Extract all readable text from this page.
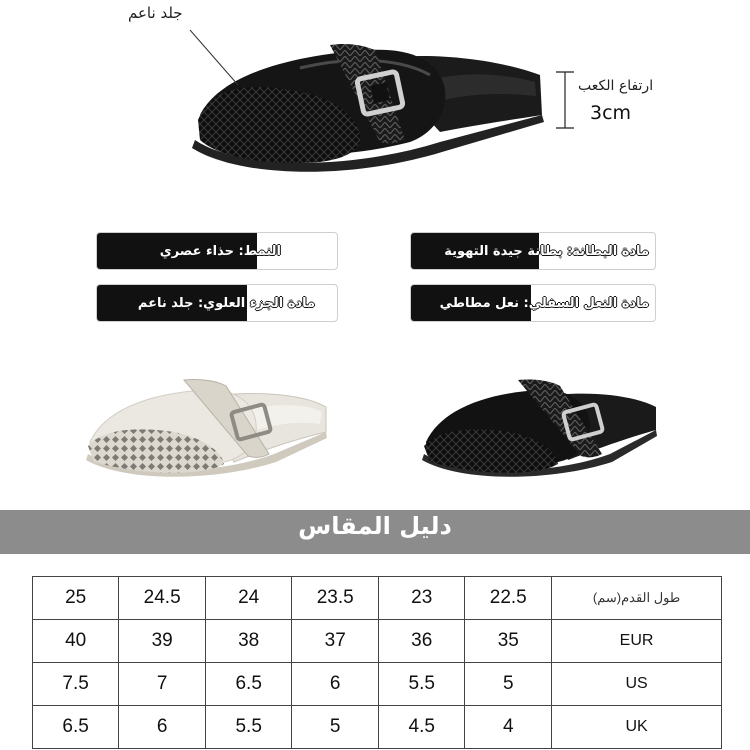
جلد ناعم
ارتفاع الكعب
3cm
النمط: حذاء عصري	مادة البطانة: بطانة جيدة التهوية
مادة الجزء العلوي: جلد ناعم	مادة النعل السفلي: نعل مطاطي
دليل المقاس
25	24.5	24	23.5	23	22.5	طول القدم(سم)
40	39	38	37	36	35	EUR
7.5	7	6.5	6	5.5	5	US
6.5	6	5.5	5	4.5	4	UK
